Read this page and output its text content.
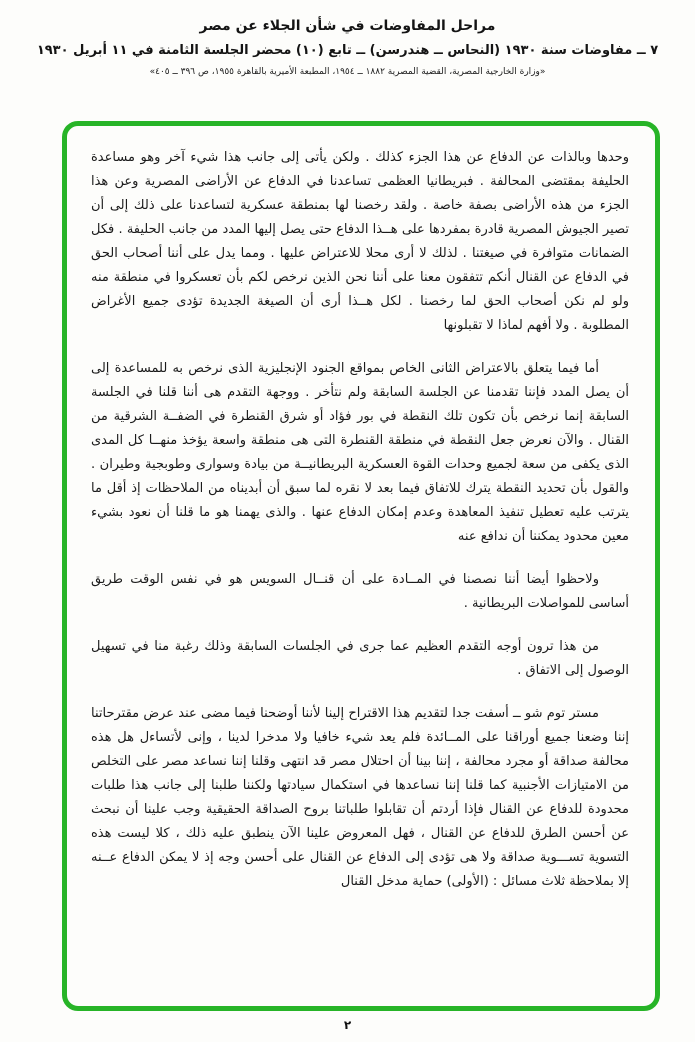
مراحل المفاوضات في شأن الجلاء عن مصر
٧ ــ مفاوضات سنة ١٩٣٠ (النحاس ــ هندرسن) ــ تابع (١٠) محضر الجلسة الثامنة في ١١ أبريل ١٩٣٠
«وزارة الخارجية المصرية، القضية المصرية ١٨٨٢ ــ ١٩٥٤، المطبعة الأميرية بالقاهرة ١٩٥٥، ص ٣٩٦ ــ ٤٠٥»

وحدها وبالذات عن الدفاع عن هذا الجزء كذلك . ولكن يأتى إلى جانب هذا شيء آخر وهو مساعدة الحليفة بمقتضى المحالفة . فبريطانيا العظمى تساعدنا في الدفاع عن الأراضى المصرية وعن هذا الجزء من هذه الأراضى بصفة خاصة . ولقد رخصنا لها بمنطقة عسكرية لتساعدنا على ذلك إلى أن تصير الجيوش المصرية قادرة بمفردها على هــذا الدفاع حتى يصل إليها المدد من جانب الحليفة . فكل الضمانات متوافرة في صيغتنا . لذلك لا أرى محلا للاعتراض عليها . ومما يدل على أننا أصحاب الحق في الدفاع عن القنال أنكم تتفقون معنا على أننا نحن الذين نرخص لكم بأن تعسكروا في منطقة منه ولو لم نكن أصحاب الحق لما رخصنا . لكل هــذا أرى أن الصيغة الجديدة تؤدى جميع الأغراض المطلوبة . ولا أفهم لماذا لا تقبلونها

أما فيما يتعلق بالاعتراض الثانى الخاص بمواقع الجنود الإنجليزية الذى نرخص به للمساعدة إلى أن يصل المدد فإننا تقدمنا عن الجلسة السابقة ولم نتأخر . ووجهة التقدم هى أننا قلنا في الجلسة السابقة إنما نرخص بأن تكون تلك النقطة في بور فؤاد أو شرق القنطرة في الضفــة الشرقية من القنال . والآن نعرض جعل النقطة في منطقة القنطرة التى هى منطقة واسعة يؤخذ منهــا كل المدى الذى يكفى من سعة لجميع وحدات القوة العسكرية البريطانيــة من بيادة وسوارى وطوبجية وطيران . والقول بأن تحديد النقطة يترك للاتفاق فيما بعد لا نقره لما سبق أن أبديناه من الملاحظات إذ أقل ما يترتب عليه تعطيل تنفيذ المعاهدة وعدم إمكان الدفاع عنها . والذى يهمنا هو ما قلنا أن نعود بشيء معين محدود يمكننا أن ندافع عنه

ولاحظوا أيضا أننا نصصنا في المــادة على أن قنــال السويس هو في نفس الوقت طريق أساسى للمواصلات البريطانية .

من هذا ترون أوجه التقدم العظيم عما جرى في الجلسات السابقة وذلك رغبة منا في تسهيل الوصول إلى الاتفاق .

مستر توم شو ــ أسفت جدا لتقديم هذا الاقتراح إلينا لأننا أوضحنا فيما مضى عند عرض مقترحاتنا إننا وضعنا جميع أوراقنا على المــائدة فلم يعد شيء خافيا ولا مدخرا لدينا ، وإنى لأتساءل هل هذه محالفة صداقة أو مجرد محالفة ، إننا بينا أن احتلال مصر قد انتهى وقلنا إننا نساعد مصر على التخلص من الامتيازات الأجنبية كما قلنا إننا نساعدها في استكمال سيادتها ولكننا طلبنا إلى جانب هذا طلبات محدودة للدفاع عن القنال فإذا أردتم أن تقابلوا طلباتنا بروح الصداقة الحقيقية وجب علينا أن نبحث عن أحسن الطرق للدفاع عن القنال ، فهل المعروض علينا الآن ينطبق عليه ذلك ، كلا ليست هذه التسوية تســـوية صداقة ولا هى تؤدى إلى الدفاع عن القنال على أحسن وجه إذ لا يمكن الدفاع عــنه إلا بملاحظة ثلاث مسائل : (الأولى) حماية مدخل القنال

٢
